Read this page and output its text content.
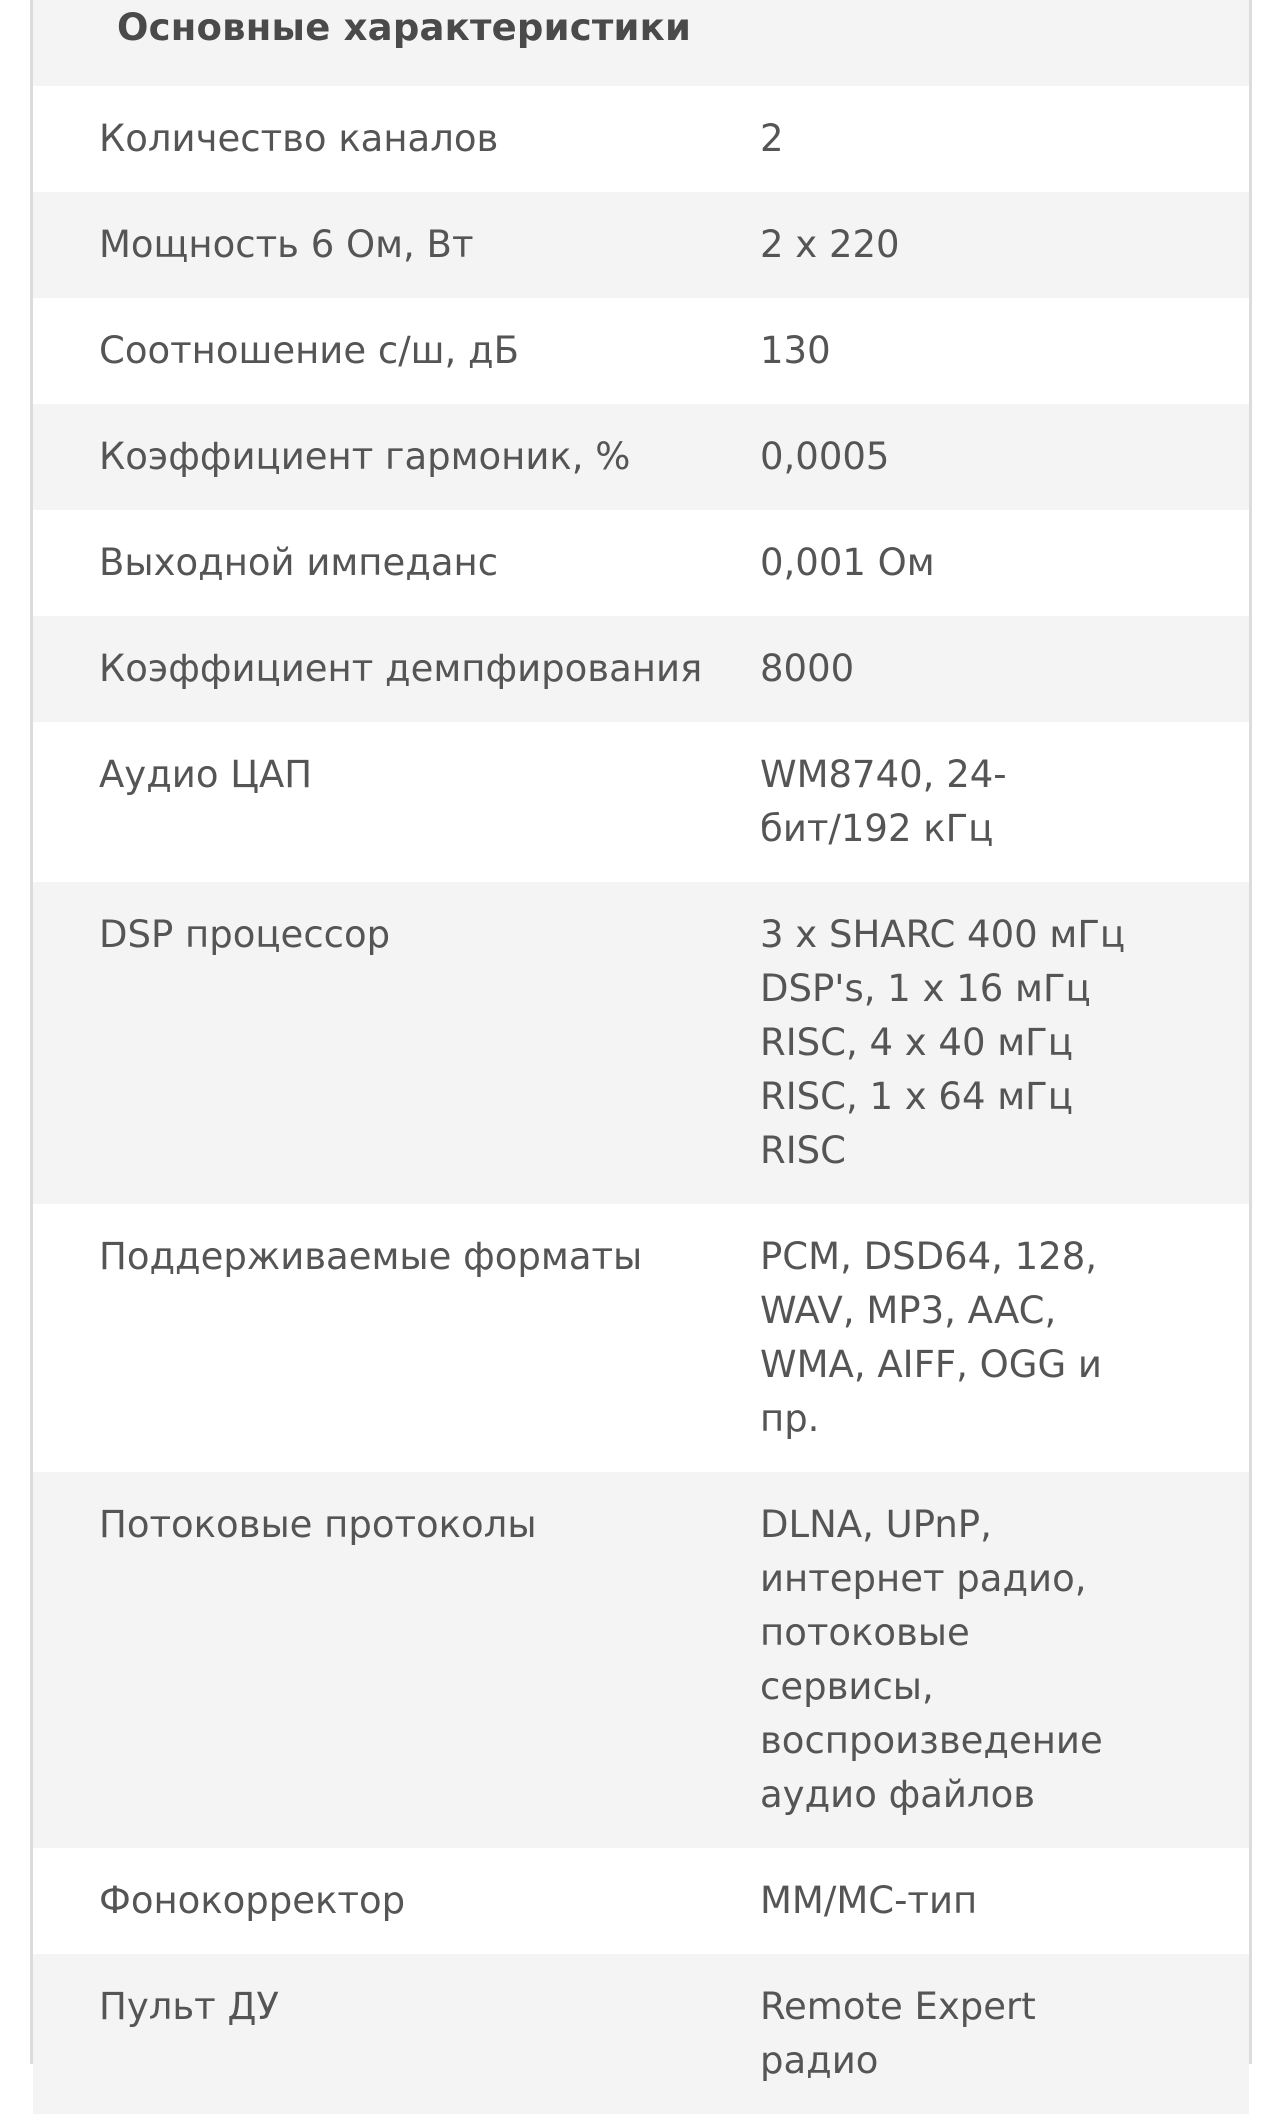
Основные характеристики
Количество каналов	2
Мощность 6 Ом, Вт	2 х 220
Соотношение с/ш, дБ	130
Коэффициент гармоник, %	0,0005
Выходной импеданс	0,001 Ом
Коэффициент демпфирования	8000
Аудио ЦАП	WM8740, 24-
бит/192 кГц
DSP процессор	3 х SHARC 400 мГц
DSP's, 1 х 16 мГц
RISC, 4 х 40 мГц
RISC, 1 х 64 мГц
RISC
Поддерживаемые форматы	PCM, DSD64, 128,
WAV, MP3, AAC,
WMA, AIFF, OGG и
пр.
Потоковые протоколы	DLNA, UPnP,
интернет радио,
потоковые
сервисы,
воспроизведение
аудио файлов
Фонокорректор	MM/MC-тип
Пульт ДУ	Remote Expert
радио
